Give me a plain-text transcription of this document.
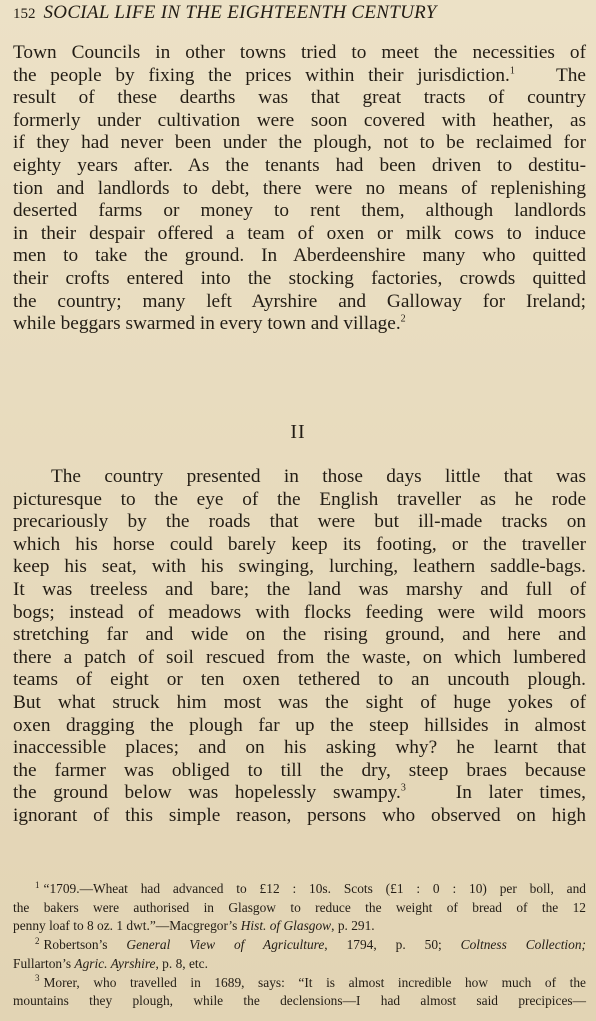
152 SOCIAL LIFE IN THE EIGHTEENTH CENTURY
Town Councils in other towns tried to meet the necessities of
the people by fixing the prices within their jurisdiction.$^1$ The
result of these dearths was that great tracts of country
formerly under cultivation were soon covered with heather, as
if they had never been under the plough, not to be reclaimed for
eighty years after. As the tenants had been driven to destitu-
tion and landlords to debt, there were no means of replenishing
deserted farms or money to rent them, although landlords
in their despair offered a team of oxen or milk cows to induce
men to take the ground. In Aberdeenshire many who quitted
their crofts entered into the stocking factories, crowds quitted
the country; many left Ayrshire and Galloway for Ireland;
while beggars swarmed in every town and village.$^2$
II
The country presented in those days little that was
picturesque to the eye of the English traveller as he rode
precariously by the roads that were but ill-made tracks on
which his horse could barely keep its footing, or the traveller
keep his seat, with his swinging, lurching, leathern saddle-bags.
It was treeless and bare; the land was marshy and full of
bogs; instead of meadows with flocks feeding were wild moors
stretching far and wide on the rising ground, and here and
there a patch of soil rescued from the waste, on which lumbered
teams of eight or ten oxen tethered to an uncouth plough.
But what struck him most was the sight of huge yokes of
oxen dragging the plough far up the steep hillsides in almost
inaccessible places; and on his asking why? he learnt that
the farmer was obliged to till the dry, steep braes because
the ground below was hopelessly swampy.$^3$	In later times,
ignorant of this simple reason, persons who observed on high
$^1$ “1709.—Wheat had advanced to £12 : 10s. Scots (£1 : 0 : 10) per boll, and
the bakers were authorised in Glasgow to reduce the weight of bread of the 12
penny loaf to 8 oz. 1 dwt.”—Macgregor’s Hist. of Glasgow, p. 291.
$^2$ Robertson’s General View of Agriculture, 1794, p. 50; Coltness Collection;
Fullarton’s Agric. Ayrshire, p. 8, etc.
$^3$ Morer, who travelled in 1689, says: “It is almost incredible how much of the
mountains they plough, while the declensions—I had almost said precipices—
